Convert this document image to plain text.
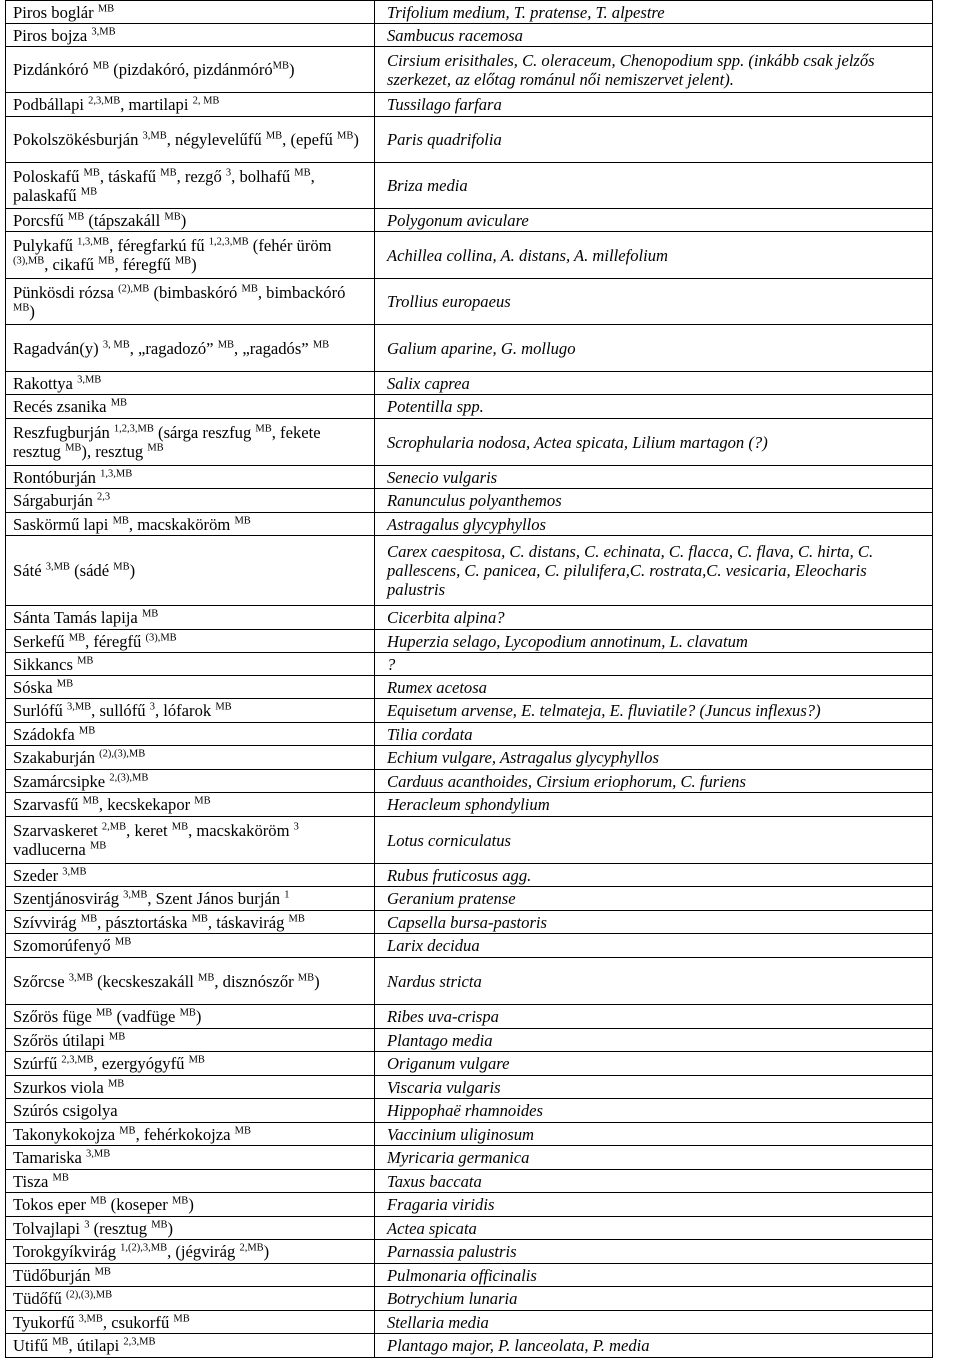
Piros boglár $^{MB}$	Trifolium medium, T. pratense, T. alpestre
Piros bojza $^{3,MB}$	Sambucus racemosa
Pizdánkóró $^{MB}$ (pizdakóró, pizdánmóró$^{MB}$)	Cirsium erisithales, C. oleraceum, Chenopodium spp. (inkább csak jelzős szerkezet, az előtag románul női nemiszervet jelent).
Podbállapi $^{2,3,MB}$, martilapi $^{2, MB}$	Tussilago farfara
Pokolszökésburján $^{3,MB}$, négylevelűfű $^{MB}$, (epefű $^{MB}$)	Paris quadrifolia
Poloskafű $^{MB}$, táskafű $^{MB}$, rezgő $^3$, bolhafű $^{MB}$, palaskafű $^{MB}$	Briza media
Porcsfű $^{MB}$ (tápszakáll $^{MB}$)	Polygonum aviculare
Pulykafű $^{1,3,MB}$, féregfarkú fű $^{1,2,3,MB}$ (fehér üröm $^{(3),MB}$, cikafű $^{MB}$, féregfű $^{MB}$)	Achillea collina, A. distans, A. millefolium
Pünkösdi rózsa $^{(2),MB}$ (bimbaskóró $^{MB}$, bimbackóró $^{MB}$)	Trollius europaeus
Ragadván(y) $^{3, MB}$, „ragadozó” $^{MB}$, „ragadós” $^{MB}$	Galium aparine, G. mollugo
Rakottya $^{3,MB}$	Salix caprea
Recés zsanika $^{MB}$	Potentilla spp.
Reszfugburján $^{1,2,3,MB}$ (sárga reszfug $^{MB}$, fekete resztug $^{MB}$), resztug $^{MB}$	Scrophularia nodosa, Actea spicata, Lilium martagon (?)
Rontóburján $^{1,3,MB}$	Senecio vulgaris
Sárgaburján $^{2,3}$	Ranunculus polyanthemos
Saskörmű lapi $^{MB}$, macskaköröm $^{MB}$	Astragalus glycyphyllos
Sáté $^{3,MB}$ (sádé $^{MB}$)	Carex caespitosa, C. distans, C. echinata, C. flacca, C. flava, C. hirta, C. pallescens, C. panicea, C. pilulifera,C. rostrata,C. vesicaria, Eleocharis palustris
Sánta Tamás lapija $^{MB}$	Cicerbita alpina?
Serkefű $^{MB}$, féregfű $^{(3),MB}$	Huperzia selago, Lycopodium annotinum, L. clavatum
Sikkancs $^{MB}$	?
Sóska $^{MB}$	Rumex acetosa
Surlófű $^{3,MB}$, sullófű $^3$, lófarok $^{MB}$	Equisetum arvense, E. telmateja, E. fluviatile? (Juncus inflexus?)
Szádokfa $^{MB}$	Tilia cordata
Szakaburján $^{(2),(3),MB}$	Echium vulgare, Astragalus glycyphyllos
Szamárcsipke $^{2,(3),MB}$	Carduus acanthoides, Cirsium eriophorum, C. furiens
Szarvasfű $^{MB}$, kecskekapor $^{MB}$	Heracleum sphondylium
Szarvaskeret $^{2,MB}$, keret $^{MB}$, macskaköröm $^3$ vadlucerna $^{MB}$	Lotus corniculatus
Szeder $^{3,MB}$	Rubus fruticosus agg.
Szentjánosvirág $^{3,MB}$, Szent János burján $^1$	Geranium pratense
Szívvirág $^{MB}$, pásztortáska $^{MB}$, táskavirág $^{MB}$	Capsella bursa-pastoris
Szomorúfenyő $^{MB}$	Larix decidua
Szőrcse $^{3,MB}$ (kecskeszakáll $^{MB}$, disznószőr $^{MB}$)	Nardus stricta
Szőrös füge $^{MB}$ (vadfüge $^{MB}$)	Ribes uva-crispa
Szőrös útilapi $^{MB}$	Plantago media
Szúrfű $^{2,3,MB}$, ezergyógyfű $^{MB}$	Origanum vulgare
Szurkos viola $^{MB}$	Viscaria vulgaris
Szúrós csigolya	Hippophaë rhamnoides
Takonykokojza $^{MB}$, fehérkokojza $^{MB}$	Vaccinium uliginosum
Tamariska $^{3,MB}$	Myricaria germanica
Tisza $^{MB}$	Taxus baccata
Tokos eper $^{MB}$ (koseper $^{MB}$)	Fragaria viridis
Tolvajlapi $^3$ (resztug $^{MB}$)	Actea spicata
Torokgyíkvirág $^{1,(2),3,MB}$, (jégvirág $^{2,MB}$)	Parnassia palustris
Tüdőburján $^{MB}$	Pulmonaria officinalis
Tüdőfű $^{(2),(3),MB}$	Botrychium lunaria
Tyukorfű $^{3,MB}$, csukorfű $^{MB}$	Stellaria media
Utifű $^{MB}$, útilapi $^{2,3,MB}$	Plantago major, P. lanceolata, P. media
